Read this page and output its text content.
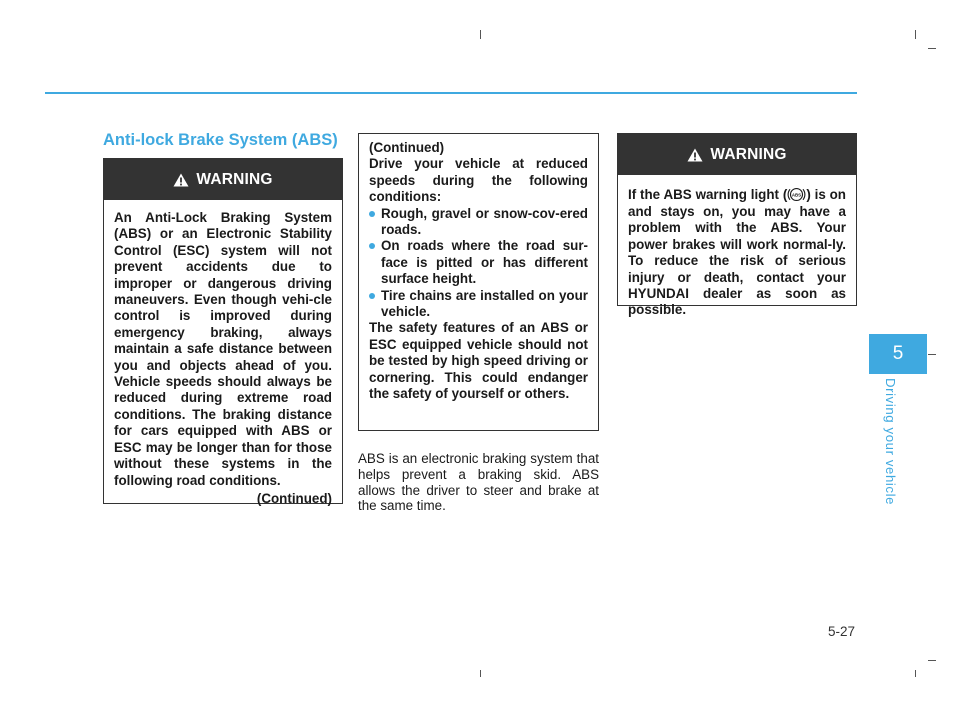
Anti-lock Brake System (ABS)
WARNING
An Anti-Lock Braking System (ABS) or an Electronic Stability Control (ESC) system will not prevent accidents due to improper or dangerous driving maneuvers. Even though vehi-cle control is improved during emergency braking, always maintain a safe distance between you and objects ahead of you. Vehicle speeds should always be reduced during extreme road conditions. The braking distance for cars equipped with ABS or ESC may be longer than for those without these systems in the following road conditions.
(Continued)
(Continued)
Drive your vehicle at reduced speeds during the following conditions:
Rough, gravel or snow-cov-ered roads.
On roads where the road sur-face is pitted or has different surface height.
Tire chains are installed on your vehicle.
The safety features of an ABS or ESC equipped vehicle should not be tested by high speed driving or cornering. This could endanger the safety of yourself or others.

ABS is an electronic braking system that helps prevent a braking skid. ABS allows the driver to steer and brake at the same time.

WARNING
If the ABS warning light ( ABS ) is on and stays on, you may have a problem with the ABS. Your power brakes will work normal-ly. To reduce the risk of serious injury or death, contact your HYUNDAI dealer as soon as possible.
5
Driving your vehicle
5-27
